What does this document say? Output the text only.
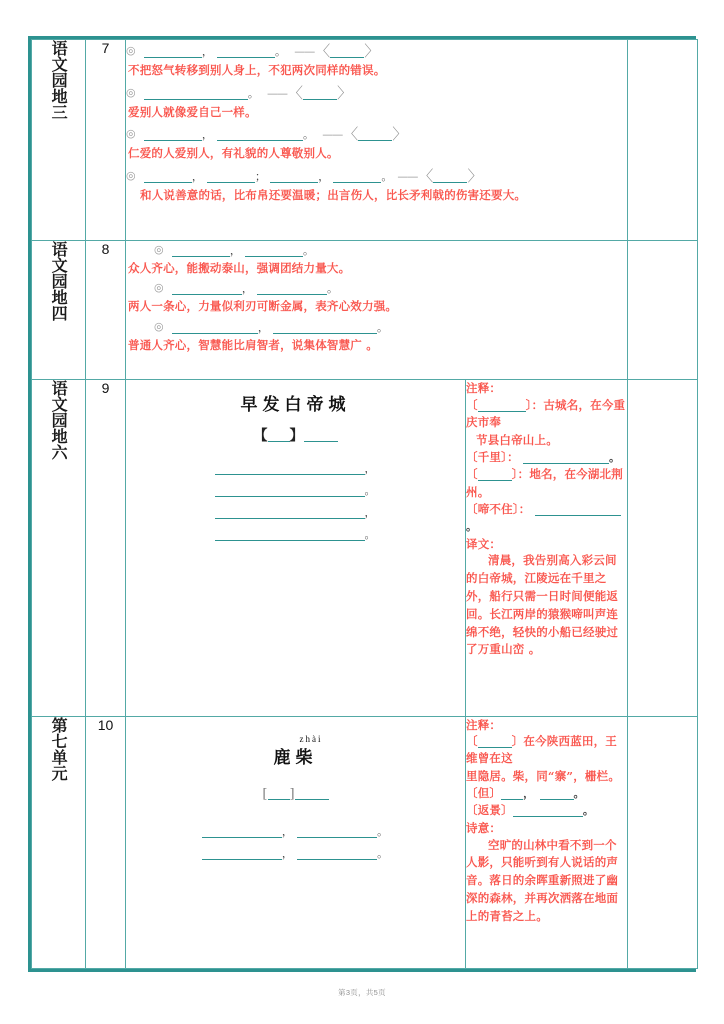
语文园地三	7	◎	，	。 ——〈 〉
不把怒气转移到别人身上，不犯两次同样的错误。
◎	。 ——〈 〉
爱别人就像爱自己一样。
◎	，	。 ——〈 〉
仁爱的人爱别人，有礼貌的人尊敬别人。
◎	，	；	，	。 ——〈 〉
和人说善意的话，比布帛还要温暖；出言伤人，比长矛利戟的伤害还要大。

语文园地四	8	◎	，	。
众人齐心，能搬动泰山，强调团结力量大。
◎	，	。
两人一条心，力量似利刃可断金属，表齐心效力强。
◎	，	。
普通人齐心，智慧能比肩智者，说集体智慧广 。

语文园地六	9	
早发白帝城
【 】
，
。
，
。

注释：
〔	〕：古城名，在今重庆市奉
节县白帝山上。
〔千里〕：	。
〔	〕：地名，在今湖北荆州。
〔啼不住〕： 。
译文：
清晨，我告别高入彩云间的白帝城，江陵远在千里之外，船行只需一日时间便能返回。长江两岸的猿猴啼叫声连绵不绝，轻快的小船已经驶过了万重山峦 。

第七单元	10	
zhài
鹿柴
[ ]
，	。
，	。

注释：
〔	〕在今陕西蓝田，王维曾在这
里隐居。柴，同“寨”，栅栏。
〔但〕 ，	。
〔返景〕	。
诗意：
空旷的山林中看不到一个人影，只能听到有人说话的声音。落日的余晖重新照进了幽深的森林，并再次洒落在地面上的青苔之上。

第3页，共5页
